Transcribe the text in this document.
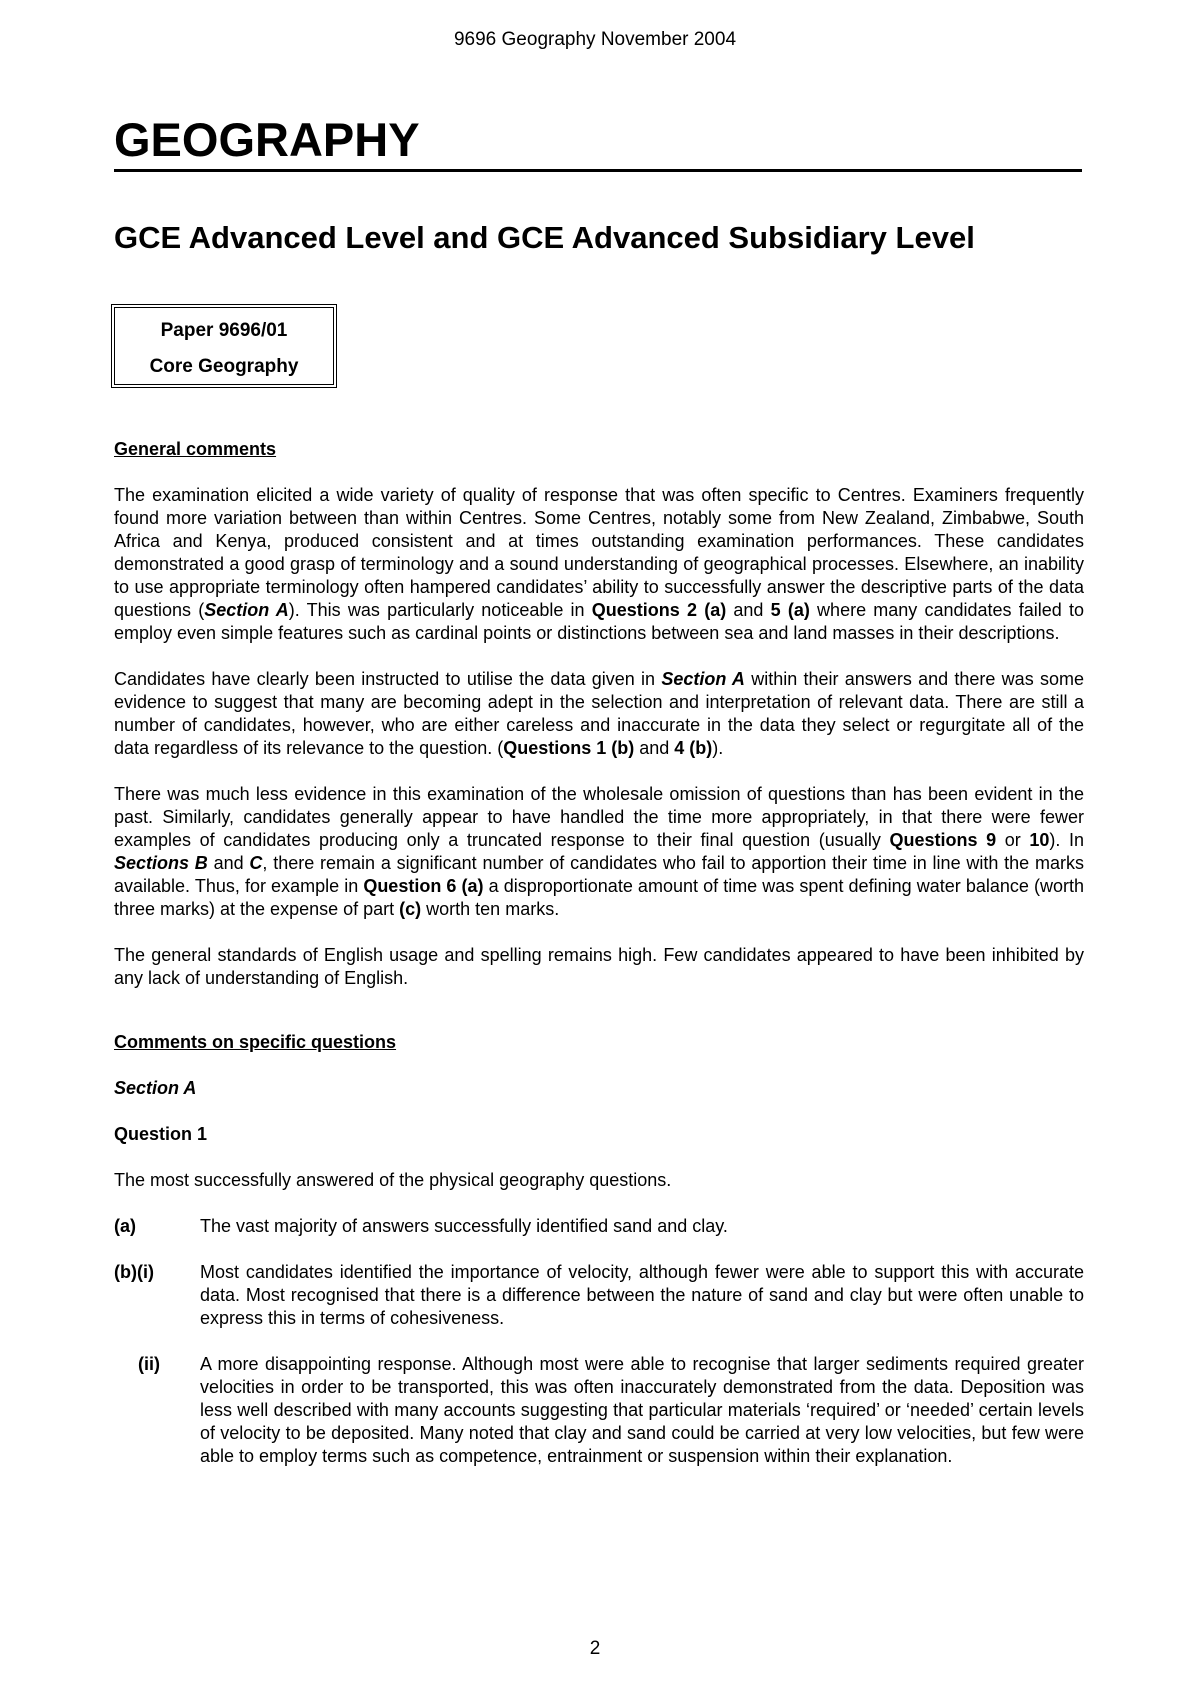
9696 Geography November 2004
GEOGRAPHY
GCE Advanced Level and GCE Advanced Subsidiary Level
Paper 9696/01
Core Geography

General comments

The examination elicited a wide variety of quality of response that was often specific to Centres. Examiners frequently found more variation between than within Centres. Some Centres, notably some from New Zealand, Zimbabwe, South Africa and Kenya, produced consistent and at times outstanding examination performances. These candidates demonstrated a good grasp of terminology and a sound understanding of geographical processes. Elsewhere, an inability to use appropriate terminology often hampered candidates’ ability to successfully answer the descriptive parts of the data questions (Section A). This was particularly noticeable in Questions 2 (a) and 5 (a) where many candidates failed to employ even simple features such as cardinal points or distinctions between sea and land masses in their descriptions.

Candidates have clearly been instructed to utilise the data given in Section A within their answers and there was some evidence to suggest that many are becoming adept in the selection and interpretation of relevant data. There are still a number of candidates, however, who are either careless and inaccurate in the data they select or regurgitate all of the data regardless of its relevance to the question. (Questions 1 (b) and 4 (b)).

There was much less evidence in this examination of the wholesale omission of questions than has been evident in the past. Similarly, candidates generally appear to have handled the time more appropriately, in that there were fewer examples of candidates producing only a truncated response to their final question (usually Questions 9 or 10). In Sections B and C, there remain a significant number of candidates who fail to apportion their time in line with the marks available. Thus, for example in Question 6 (a) a disproportionate amount of time was spent defining water balance (worth three marks) at the expense of part (c) worth ten marks.

The general standards of English usage and spelling remains high. Few candidates appeared to have been inhibited by any lack of understanding of English.

Comments on specific questions

Section A

Question 1

The most successfully answered of the physical geography questions.

(a)	The vast majority of answers successfully identified sand and clay.
(b)(i)	Most candidates identified the importance of velocity, although fewer were able to support this with accurate data. Most recognised that there is a difference between the nature of sand and clay but were often unable to express this in terms of cohesiveness.
(ii)	A more disappointing response. Although most were able to recognise that larger sediments required greater velocities in order to be transported, this was often inaccurately demonstrated from the data. Deposition was less well described with many accounts suggesting that particular materials ‘required’ or ‘needed’ certain levels of velocity to be deposited. Many noted that clay and sand could be carried at very low velocities, but few were able to employ terms such as competence, entrainment or suspension within their explanation.
2
